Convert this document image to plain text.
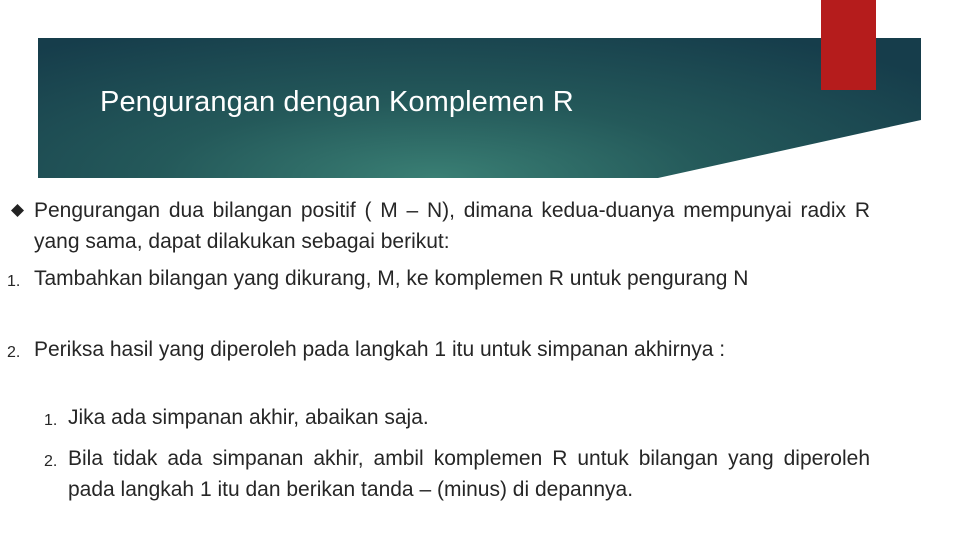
Pengurangan dengan Komplemen R
Pengurangan dua bilangan positif ( M – N), dimana kedua-duanya mempunyai radix R yang sama, dapat dilakukan sebagai berikut:
1. Tambahkan bilangan yang dikurang, M, ke komplemen R untuk pengurang N
2. Periksa hasil yang diperoleh pada langkah 1 itu untuk simpanan akhirnya :
1. Jika ada simpanan akhir, abaikan saja.
2. Bila tidak ada simpanan akhir, ambil komplemen R untuk bilangan yang diperoleh pada langkah 1 itu dan berikan tanda – (minus) di depannya.
